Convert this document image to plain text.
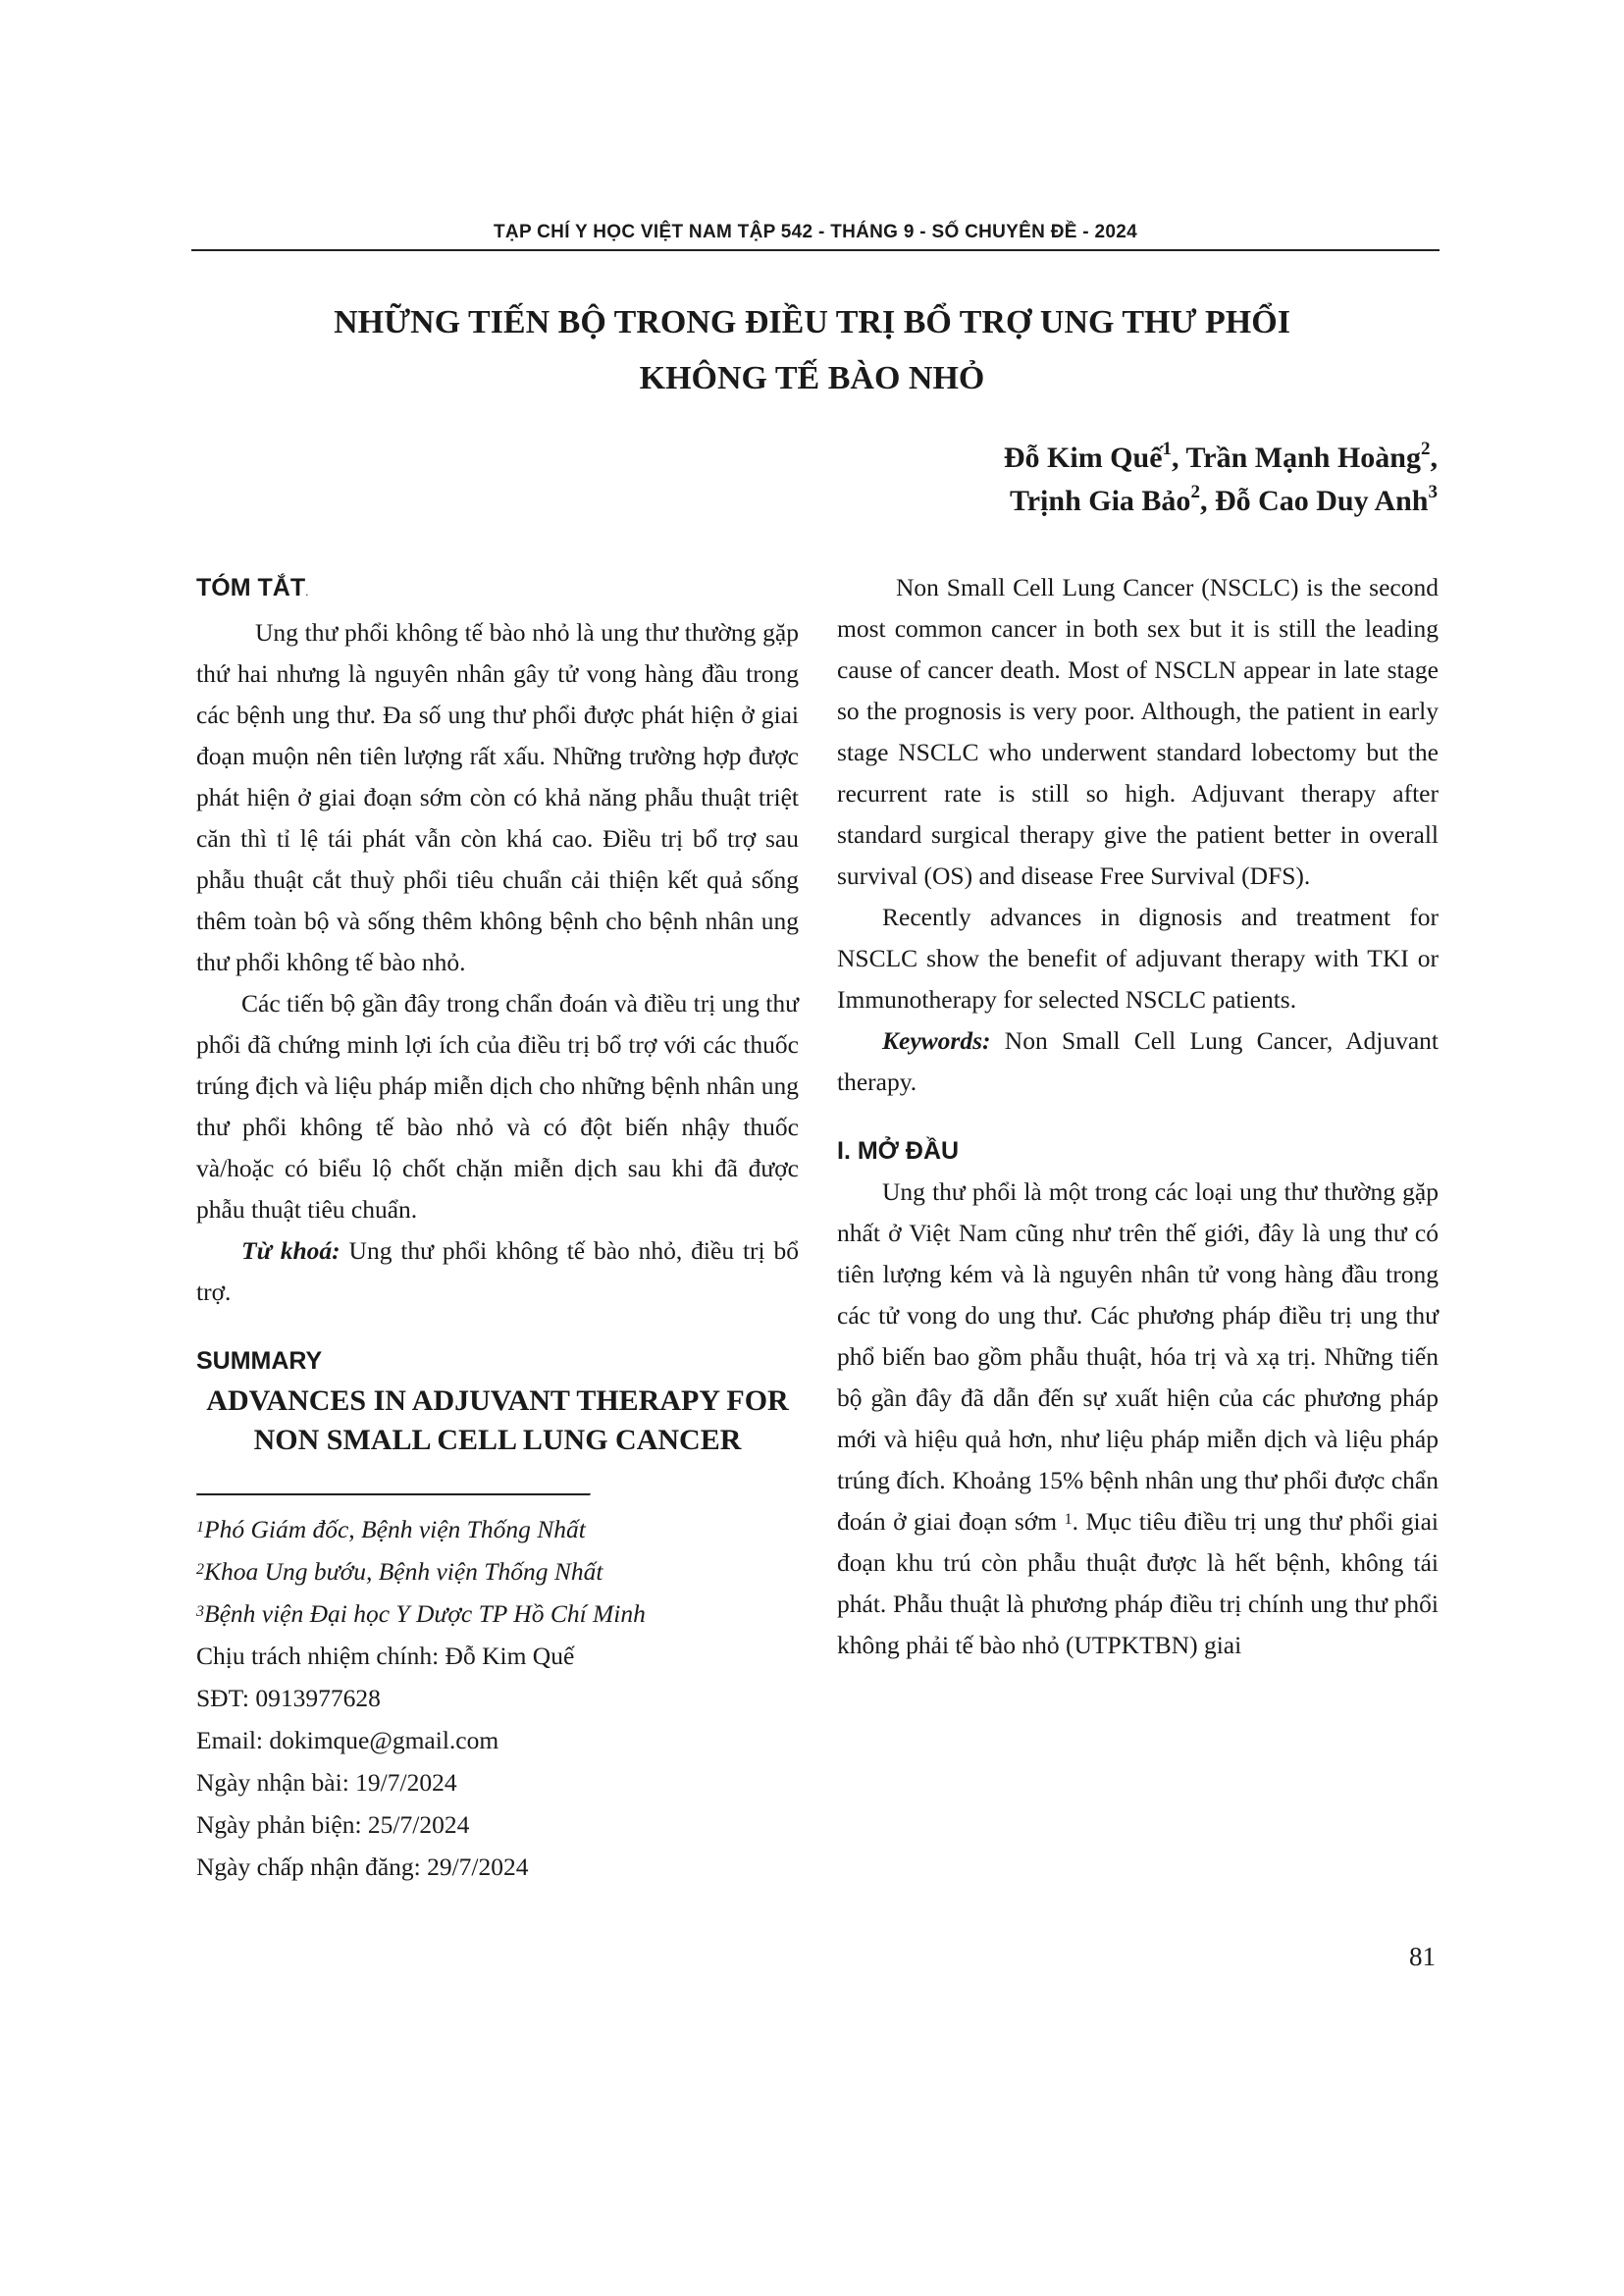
TẠP CHÍ Y HỌC VIỆT NAM TẬP 542 - THÁNG 9 - SỐ CHUYÊN ĐỀ - 2024
NHỮNG TIẾN BỘ TRONG ĐIỀU TRỊ BỔ TRỢ UNG THƯ PHỔI
KHÔNG TẾ BÀO NHỎ
Đỗ Kim Quế$^1$, Trần Mạnh Hoàng$^2$,
Trịnh Gia Bảo$^2$, Đỗ Cao Duy Anh$^3$
TÓM TẮT.

Ung thư phổi không tế bào nhỏ là ung thư thường gặp thứ hai nhưng là nguyên nhân gây tử vong hàng đầu trong các bệnh ung thư. Đa số ung thư phổi được phát hiện ở giai đoạn muộn nên tiên lượng rất xấu. Những trường hợp được phát hiện ở giai đoạn sớm còn có khả năng phẫu thuật triệt căn thì tỉ lệ tái phát vẫn còn khá cao. Điều trị bổ trợ sau phẫu thuật cắt thuỳ phổi tiêu chuẩn cải thiện kết quả sống thêm toàn bộ và sống thêm không bệnh cho bệnh nhân ung thư phổi không tế bào nhỏ.

Các tiến bộ gần đây trong chẩn đoán và điều trị ung thư phổi đã chứng minh lợi ích của điều trị bổ trợ với các thuốc trúng địch và liệu pháp miễn dịch cho những bệnh nhân ung thư phổi không tế bào nhỏ và có đột biến nhậy thuốc và/hoặc có biểu lộ chốt chặn miễn dịch sau khi đã được phẫu thuật tiêu chuẩn.

Từ khoá: Ung thư phổi không tế bào nhỏ, điều trị bổ trợ.

SUMMARY

ADVANCES IN ADJUVANT THERAPY FOR NON SMALL CELL LUNG CANCER

$^1$Phó Giám đốc, Bệnh viện Thống Nhất

$^2$Khoa Ung bướu, Bệnh viện Thống Nhất

$^3$Bệnh viện Đại học Y Dược TP Hồ Chí Minh

Chịu trách nhiệm chính: Đỗ Kim Quế

SĐT: 0913977628

Email: dokimque@gmail.com

Ngày nhận bài: 19/7/2024

Ngày phản biện: 25/7/2024

Ngày chấp nhận đăng: 29/7/2024

Non Small Cell Lung Cancer (NSCLC) is the second most common cancer in both sex but it is still the leading cause of cancer death. Most of NSCLN appear in late stage so the prognosis is very poor. Although, the patient in early stage NSCLC who underwent standard lobectomy but the recurrent rate is still so high. Adjuvant therapy after standard surgical therapy give the patient better in overall survival (OS) and disease Free Survival (DFS).

Recently advances in dignosis and treatment for NSCLC show the benefit of adjuvant therapy with TKI or Immunotherapy for selected NSCLC patients.

Keywords: Non Small Cell Lung Cancer, Adjuvant therapy.

I. MỞ ĐẦU

Ung thư phổi là một trong các loại ung thư thường gặp nhất ở Việt Nam cũng như trên thế giới, đây là ung thư có tiên lượng kém và là nguyên nhân tử vong hàng đầu trong các tử vong do ung thư. Các phương pháp điều trị ung thư phổ biến bao gồm phẫu thuật, hóa trị và xạ trị. Những tiến bộ gần đây đã dẫn đến sự xuất hiện của các phương pháp mới và hiệu quả hơn, như liệu pháp miễn dịch và liệu pháp trúng đích. Khoảng 15% bệnh nhân ung thư phổi được chẩn đoán ở giai đoạn sớm $^1$. Mục tiêu điều trị ung thư phổi giai đoạn khu trú còn phẫu thuật được là hết bệnh, không tái phát. Phẫu thuật là phương pháp điều trị chính ung thư phổi không phải tế bào nhỏ (UTPKTBN) giai

81
